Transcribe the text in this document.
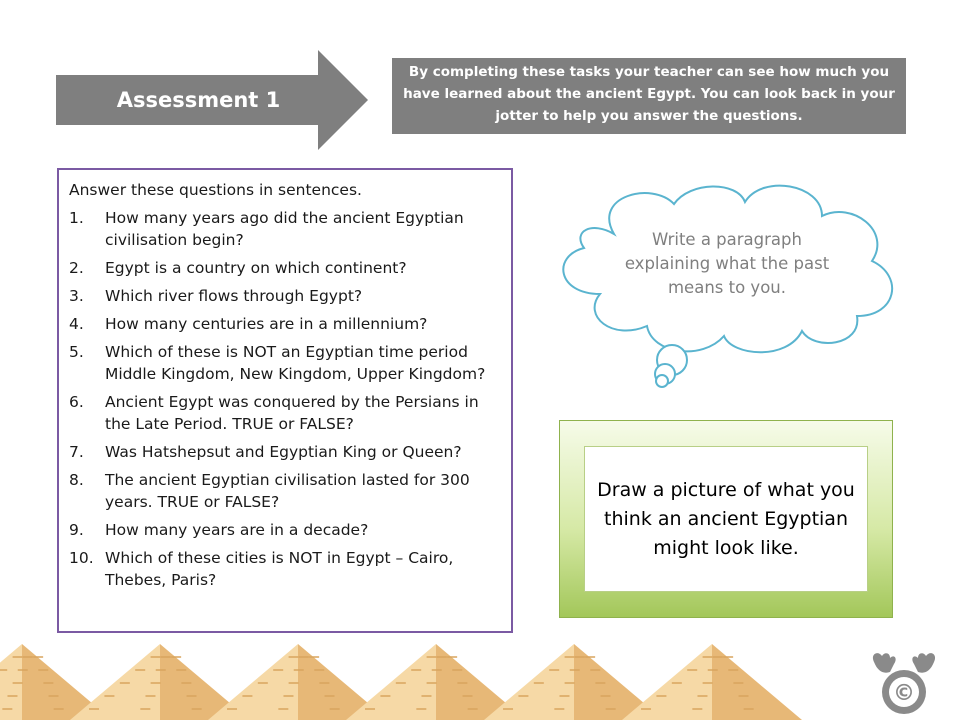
Assessment 1
By completing these tasks your teacher can see how much you have learned about the ancient Egypt. You can look back in your jotter to help you answer the questions.
Answer these questions in sentences.
1.	How many years ago did the ancient Egyptian civilisation begin?
2.	Egypt is a country on which continent?
3.	Which river flows through Egypt?
4.	How many centuries are in a millennium?
5.	Which of these is NOT an Egyptian time period Middle Kingdom, New Kingdom, Upper Kingdom?
6.	Ancient Egypt was conquered by the Persians in the Late Period. TRUE or FALSE?
7.	Was Hatshepsut and Egyptian King or Queen?
8.	The ancient Egyptian civilisation lasted for 300 years. TRUE or FALSE?
9.	How many years are in a decade?
10. Which of these cities is NOT in Egypt – Cairo, Thebes, Paris?
Write a paragraph explaining what the past means to you.
Draw a picture of what you think an ancient Egyptian might look like.
©
